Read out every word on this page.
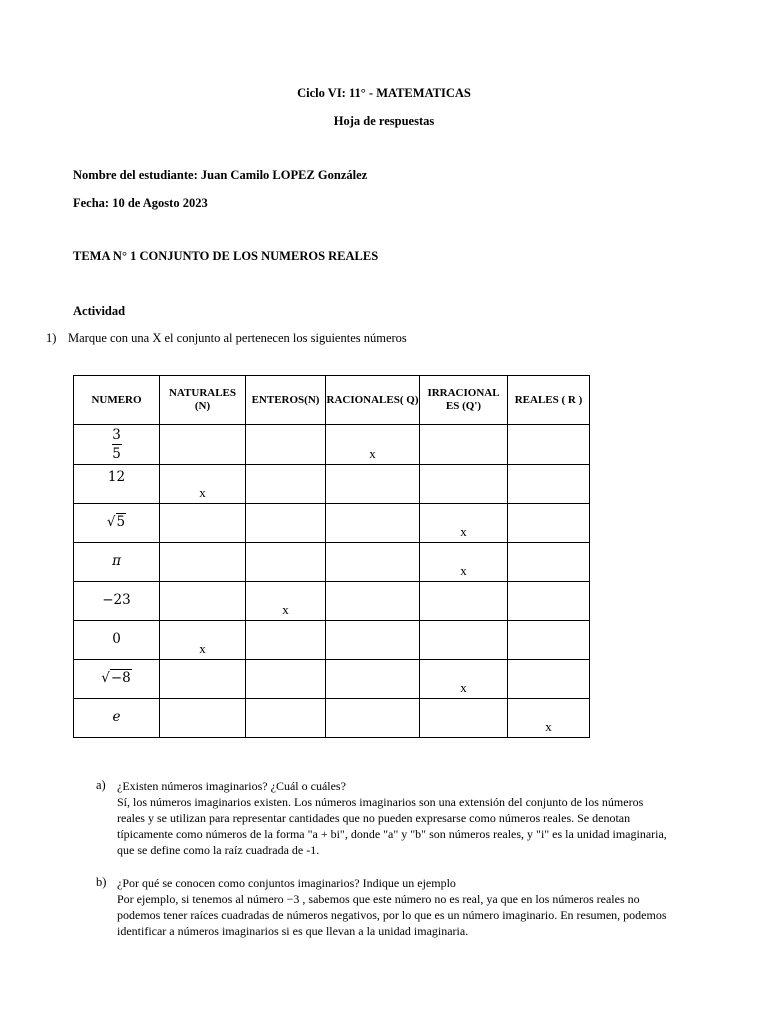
Ciclo VI: 11° - MATEMATICAS
Hoja de respuestas
Nombre del estudiante: Juan Camilo LOPEZ González
Fecha: 10 de Agosto 2023
TEMA N° 1 CONJUNTO DE LOS NUMEROS REALES
Actividad
1) Marque con una X el conjunto al pertenecen los siguientes números
NUMERO	NATURALES (N)	ENTEROS(N)	RACIONALES( Q)	IRRACIONAL ES (Q')	REALES ( R )

$\frac{3}{5}$			x		

12	x				

√5				x	

π				x	

−23		x			

0	x				

√−8				x	

e					x
a) ¿Existen números imaginarios? ¿Cuál o cuáles?
Sí, los números imaginarios existen. Los números imaginarios son una extensión del conjunto de los números
reales y se utilizan para representar cantidades que no pueden expresarse como números reales. Se denotan
típicamente como números de la forma "a + bi", donde "a" y "b" son números reales, y "i" es la unidad imaginaria,
que se define como la raíz cuadrada de -1.
b) ¿Por qué se conocen como conjuntos imaginarios? Indique un ejemplo
Por ejemplo, si tenemos al número −3 , sabemos que este número no es real, ya que en los números reales no
podemos tener raíces cuadradas de números negativos, por lo que es un número imaginario. En resumen, podemos
identificar a números imaginarios si es que llevan a la unidad imaginaria.
